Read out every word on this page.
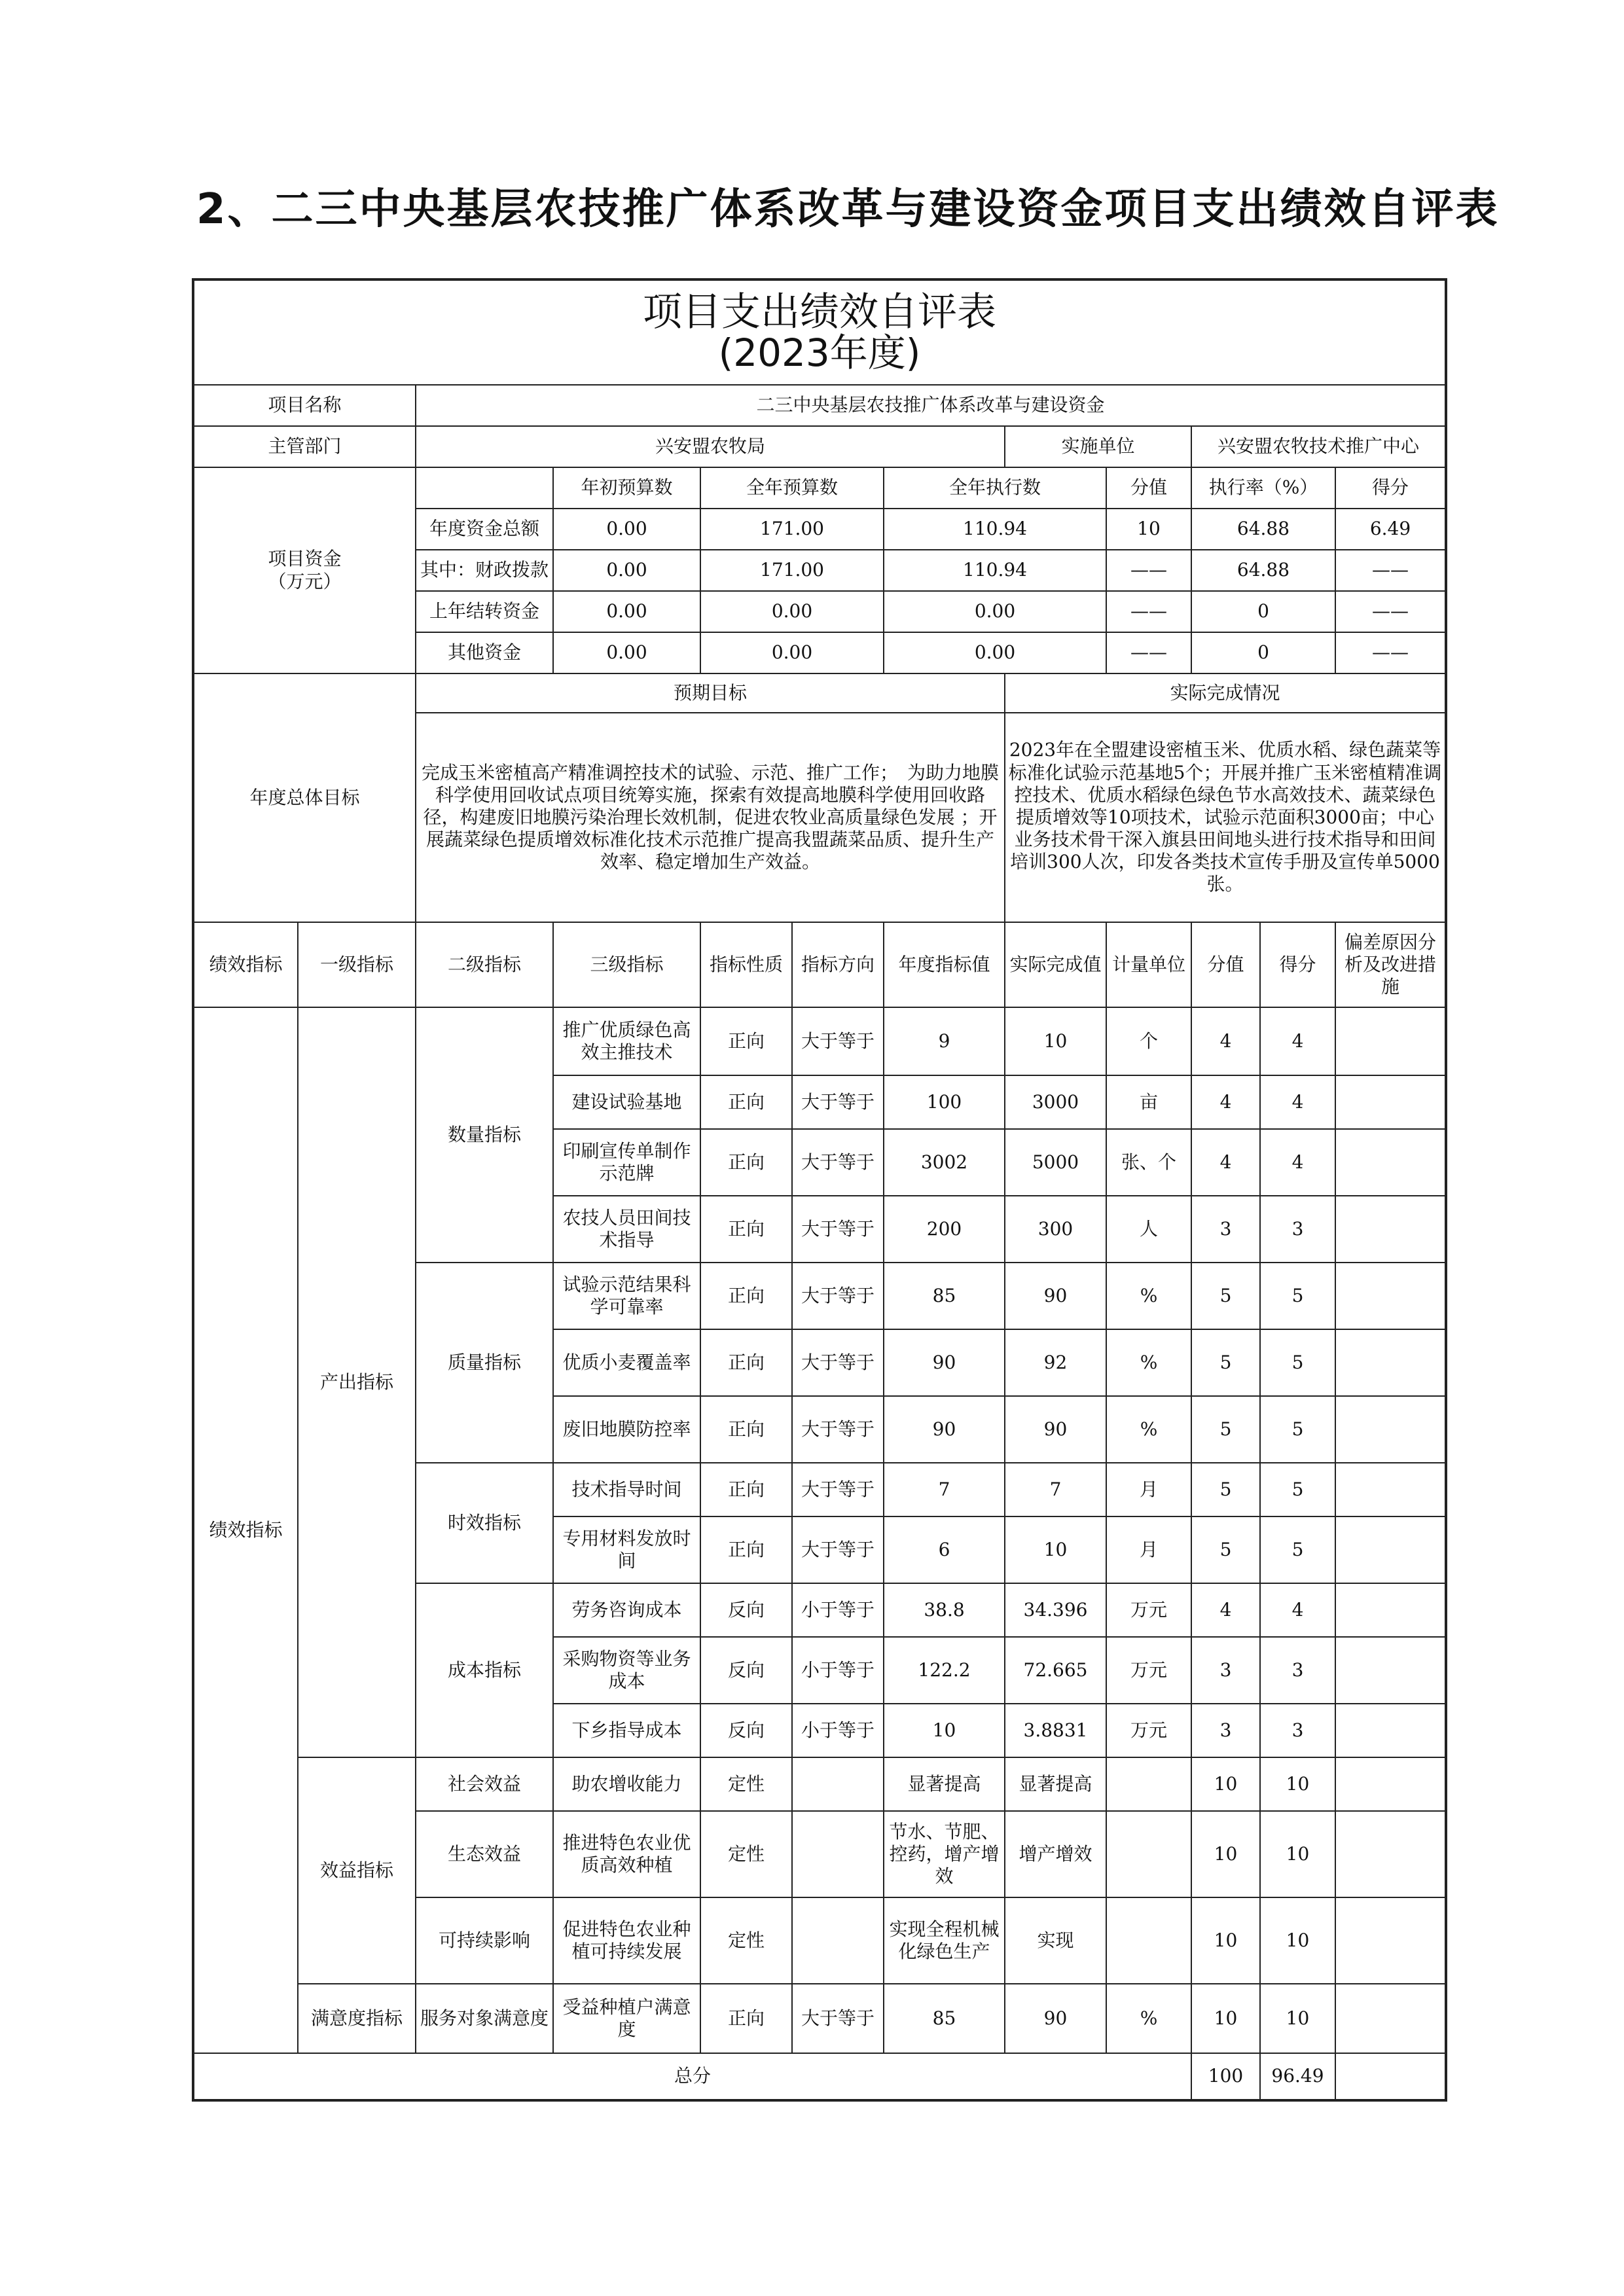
2、二三中央基层农技推广体系改革与建设资金项目支出绩效自评表
项目支出绩效自评表
(2023年度)											

项目名称		二三中央基层农技推广体系改革与建设资金									
主管部门		兴安盟农牧局					实施单位		兴安盟农牧技术推广中心		

项目资金
（万元）			年初预算数	全年预算数		全年执行数		分值	执行率（%）		得分
		年度资金总额	0.00	171.00		110.94		10	64.88		6.49
		其中：财政拨款	0.00	171.00		110.94		——	64.88		——
		上年结转资金	0.00	0.00		0.00		——	0		——
		其他资金	0.00	0.00		0.00		——	0		——
年度总体目标		预期目标					实际完成情况				
		完成玉米密植高产精准调控技术的试验、示范、推广工作；　为助力地膜科学使用回收试点项目统筹实施，探索有效提高地膜科学使用回收路径，构建废旧地膜污染治理长效机制，促进农牧业高质量绿色发展 ；开展蔬菜绿色提质增效标准化技术示范推广提高我盟蔬菜品质、提升生产效率、稳定增加生产效益。					2023年在全盟建设密植玉米、优质水稻、绿色蔬菜等标准化试验示范基地5个；开展并推广玉米密植精准调控技术、优质水稻绿色绿色节水高效技术、蔬菜绿色提质增效等10项技术，试验示范面积3000亩；中心业务技术骨干深入旗县田间地头进行技术指导和田间培训300人次，印发各类技术宣传手册及宣传单5000张。				
绩效指标	一级指标	二级指标	三级指标	指标性质	指标方向	年度指标值	实际完成值	计量单位	分值	得分	偏差原因分析及改进措施
绩效指标	产出指标	数量指标	推广优质绿色高效主推技术	正向	大于等于	9	10	个	4	4	
			建设试验基地	正向	大于等于	100	3000	亩	4	4	
			印刷宣传单制作示范牌	正向	大于等于	3002	5000	张、个	4	4	
			农技人员田间技术指导	正向	大于等于	200	300	人	3	3	
		质量指标	试验示范结果科学可靠率	正向	大于等于	85	90	%	5	5	
			优质小麦覆盖率	正向	大于等于	90	92	%	5	5	
			废旧地膜防控率	正向	大于等于	90	90	%	5	5	
		时效指标	技术指导时间	正向	大于等于	7	7	月	5	5	
			专用材料发放时间	正向	大于等于	6	10	月	5	5	
		成本指标	劳务咨询成本	反向	小于等于	38.8	34.396	万元	4	4	
			采购物资等业务成本	反向	小于等于	122.2	72.665	万元	3	3	
			下乡指导成本	反向	小于等于	10	3.8831	万元	3	3	
	效益指标	社会效益	助农增收能力	定性		显著提高	显著提高		10	10	
		生态效益	推进特色农业优质高效种植	定性		节水、节肥、控药，增产增效	增产增效		10	10	
		可持续影响	促进特色农业种植可持续发展	定性		实现全程机械化绿色生产	实现		10	10	
	满意度指标	服务对象满意度	受益种植户满意度	正向	大于等于	85	90	%	10	10	
总分									100	96.49	
